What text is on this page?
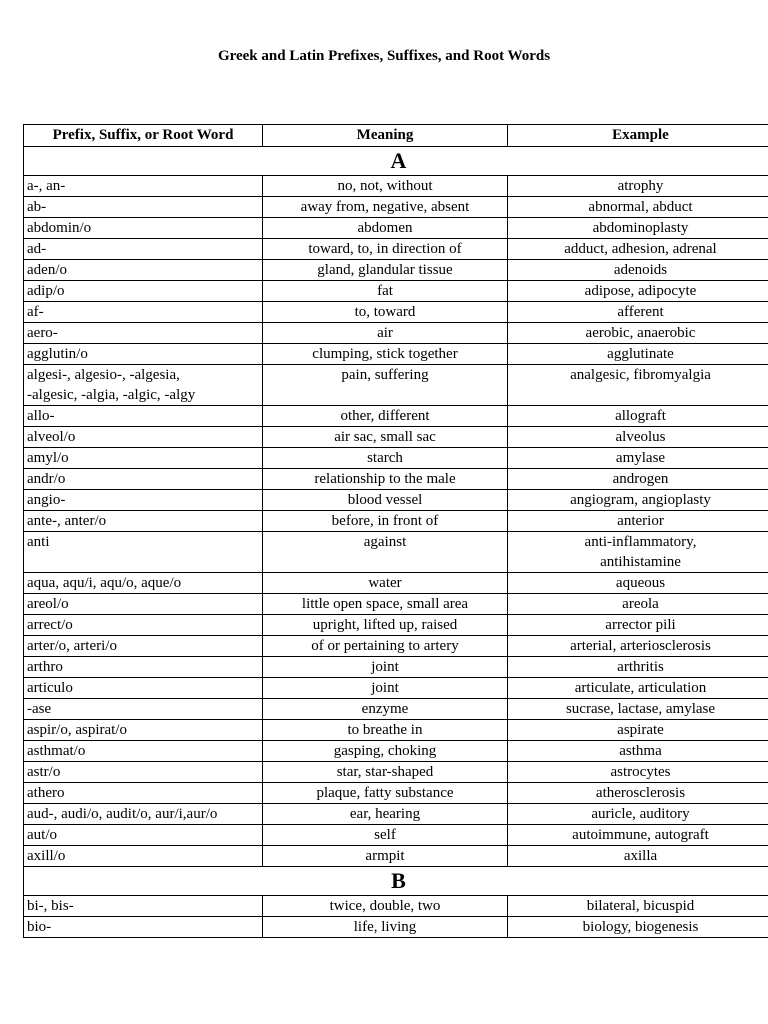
Greek and Latin Prefixes, Suffixes, and Root Words
Prefix, Suffix, or Root Word	Meaning	Example
A		

a-, an-	no, not, without	atrophy

ab-	away from, negative, absent	abnormal, abduct

abdomin/o	abdomen	abdominoplasty

ad-	toward, to, in direction of	adduct, adhesion, adrenal

aden/o	gland, glandular tissue	adenoids

adip/o	fat	adipose, adipocyte

af-	to, toward	afferent

aero-	air	aerobic, anaerobic

agglutin/o	clumping, stick together	agglutinate

algesi-, algesio-, -algesia,
-algesic, -algia, -algic, -algy	pain, suffering	analgesic, fibromyalgia

allo-	other, different	allograft

alveol/o	air sac, small sac	alveolus

amyl/o	starch	amylase

andr/o	relationship to the male	androgen

angio-	blood vessel	angiogram, angioplasty

ante-, anter/o	before, in front of	anterior

anti	against	anti-inflammatory,
antihistamine

aqua, aqu/i, aqu/o, aque/o	water	aqueous

areol/o	little open space, small area	areola

arrect/o	upright, lifted up, raised	arrector pili

arter/o, arteri/o	of or pertaining to artery	arterial, arteriosclerosis

arthro	joint	arthritis

articulo	joint	articulate, articulation

-ase	enzyme	sucrase, lactase, amylase

aspir/o, aspirat/o	to breathe in	aspirate

asthmat/o	gasping, choking	asthma

astr/o	star, star-shaped	astrocytes

athero	plaque, fatty substance	atherosclerosis

aud-, audi/o, audit/o, aur/i,aur/o	ear, hearing	auricle, auditory

aut/o	self	autoimmune, autograft

axill/o	armpit	axilla

B		

bi-, bis-	twice, double, two	bilateral, bicuspid

bio-	life, living	biology, biogenesis
